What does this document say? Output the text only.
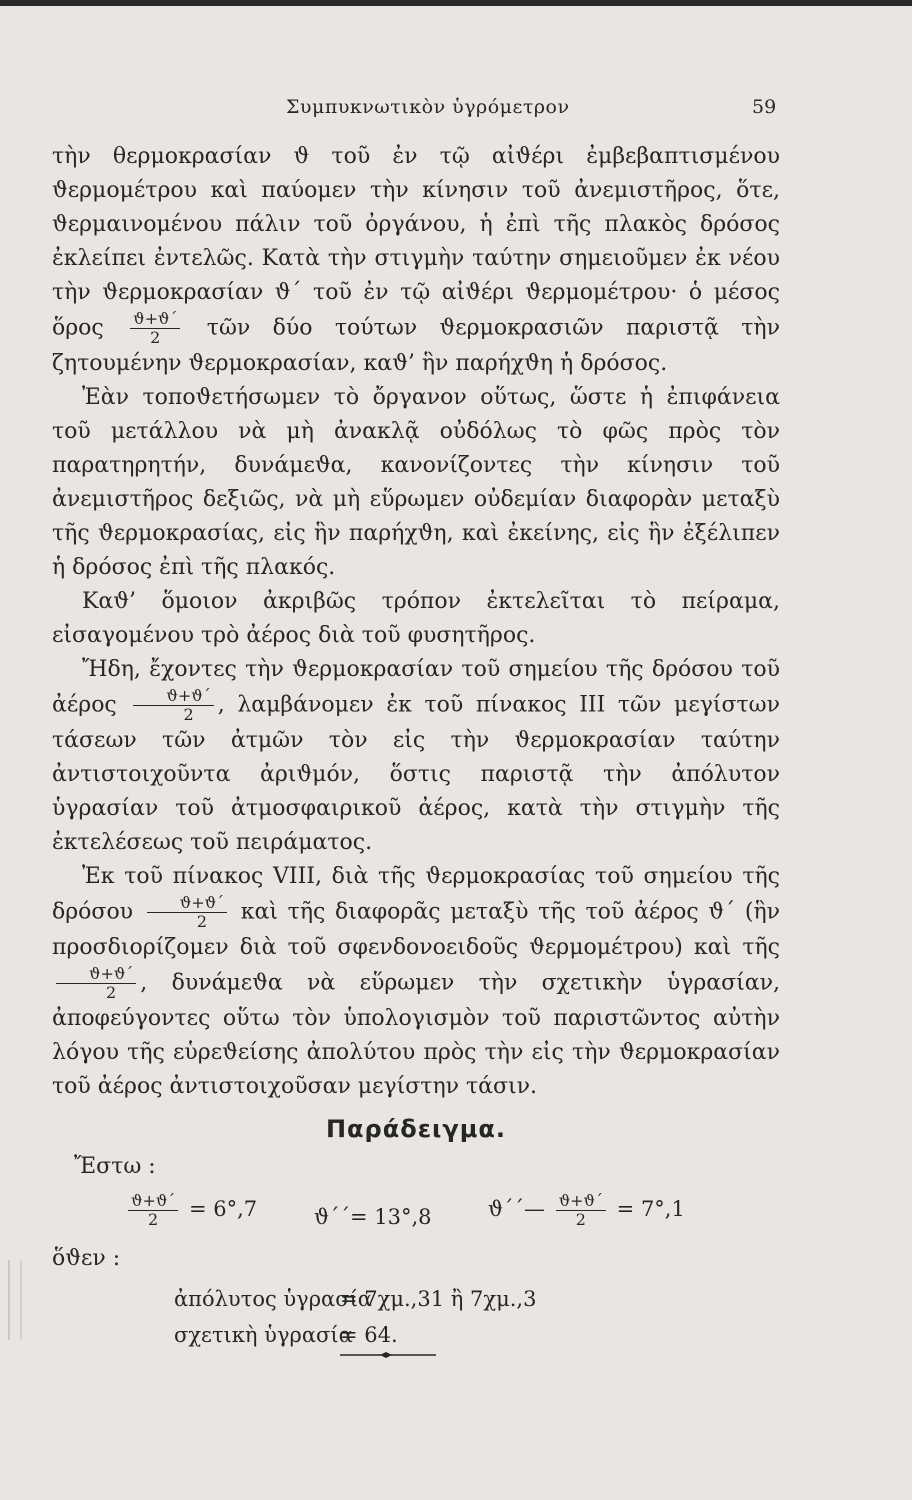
Συμπυκνωτικὸν ὑγρόμετρον	59

τὴν θερμοκρασίαν ϑ τοῦ ἐν τῷ αἰϑέρι ἐμβεβαπτισμένου ϑερμομέτρου καὶ παύομεν τὴν κίνησιν τοῦ ἀνεμιστῆρος, ὅτε, ϑερμαινομένου πάλιν τοῦ ὀργάνου, ἡ ἐπὶ τῆς πλακὸς δρόσος ἐκλείπει ἐντελῶς. Κατὰ τὴν στιγμὴν ταύτην σημειοῦμεν ἐκ νέου τὴν ϑερμοκρασίαν ϑ΄ τοῦ ἐν τῷ αἰϑέρι ϑερμομέτρου· ὁ μέσος ὅρος $\frac{ϑ+ϑ΄}{2}$ τῶν δύο τούτων ϑερμοκρασιῶν παριστᾷ τὴν ζητουμένην ϑερμοκρασίαν, καϑ’ ἣν παρήχϑη ἡ δρόσος.

Ἐὰν τοποϑετήσωμεν τὸ ὄργανον οὕτως, ὥστε ἡ ἐπιφάνεια τοῦ μετάλλου νὰ μὴ ἀνακλᾷ οὐδόλως τὸ φῶς πρὸς τὸν παρατηρητήν, δυνάμεϑα, κανονίζοντες τὴν κίνησιν τοῦ ἀνεμιστῆρος δεξιῶς, νὰ μὴ εὕρωμεν οὐδεμίαν διαφορὰν μεταξὺ τῆς ϑερμοκρασίας, εἰς ἣν παρήχϑη, καὶ ἐκείνης, εἰς ἣν ἐξέλιπεν ἡ δρόσος ἐπὶ τῆς πλακός.

Καϑ’ ὅμοιον ἀκριβῶς τρόπον ἐκτελεῖται τὸ πείραμα, εἰσαγομένου τρὸ ἀέρος διὰ τοῦ φυσητῆρος.

Ἤδη, ἔχοντες τὴν ϑερμοκρασίαν τοῦ σημείου τῆς δρόσου τοῦ ἀέρος $\frac{ϑ+ϑ΄}{2}$ , λαμβάνομεν ἐκ τοῦ πίνακος III τῶν μεγίστων τάσεων τῶν ἀτμῶν τὸν εἰς τὴν ϑερμοκρασίαν ταύτην ἀντιστοιχοῦντα ἀριϑμόν, ὅστις παριστᾷ τὴν ἀπόλυτον ὑγρασίαν τοῦ ἀτμοσφαιρικοῦ ἀέρος, κατὰ τὴν στιγμὴν τῆς ἐκτελέσεως τοῦ πειράματος.

Ἐκ τοῦ πίνακος VIII, διὰ τῆς ϑερμοκρασίας τοῦ σημείου τῆς δρόσου $\frac{ϑ+ϑ΄}{2}$ καὶ τῆς διαφορᾶς μεταξὺ τῆς τοῦ ἀέρος ϑ΄ (ἣν προσδιορίζομεν διὰ τοῦ σφενδονοειδοῦς ϑερμομέτρου) καὶ τῆς
$\frac{ϑ+ϑ΄}{2}$ , δυνάμεϑα νὰ εὕρωμεν τὴν σχετικὴν ὑγρασίαν, ἀποφεύγοντες οὕτω τὸν ὑπολογισμὸν τοῦ παριστῶντος αὐτὴν λόγου τῆς εὑρεϑείσης ἀπολύτου πρὸς τὴν εἰς τὴν ϑερμοκρασίαν τοῦ ἀέρος ἀντιστοιχοῦσαν μεγίστην τάσιν.

Παράδειγμα.
Ἔστω :
$\frac{ϑ+ϑ΄}{2} = 6^\circ,7$	ϑ΄΄= 13°,8	ϑ΄΄— $\frac{ϑ+ϑ΄}{2} = 7^\circ,1$
ὅϑεν :
ἀπόλυτος ὑγρασία
= 7χμ.,31 ἢ 7χμ.,3
σχετικὴ ὑγρασία
= 64.
